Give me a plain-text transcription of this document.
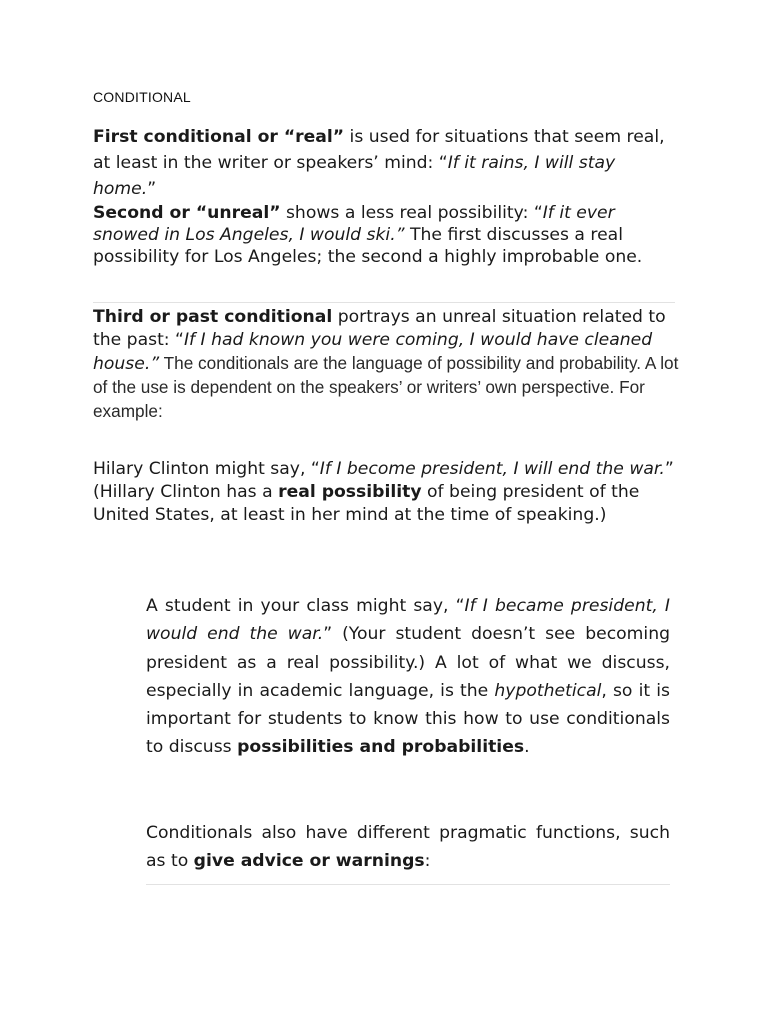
CONDITIONAL

First conditional or “real” is used for situations that seem real, at least in the writer or speakers’ mind: “If it rains, I will stay home.”

Second or “unreal” shows a less real possibility: “If it ever snowed in Los Angeles, I would ski.” The first discusses a real possibility for Los Angeles; the second a highly improbable one.

Third or past conditional portrays an unreal situation related to the past: “If I had known you were coming, I would have cleaned house.” The conditionals are the language of possibility and probability. A lot of the use is dependent on the speakers’ or writers’ own perspective. For example:

Hilary Clinton might say, “If I become president, I will end the war.” (Hillary Clinton has a real possibility of being president of the United States, at least in her mind at the time of speaking.)

A student in your class might say, “If I became president, I would end the war.” (Your student doesn’t see becoming president as a real possibility.) A lot of what we discuss, especially in academic language, is the hypothetical, so it is important for students to know this how to use conditionals to discuss possibilities and probabilities.

Conditionals also have different pragmatic functions, such as to give advice or warnings:
